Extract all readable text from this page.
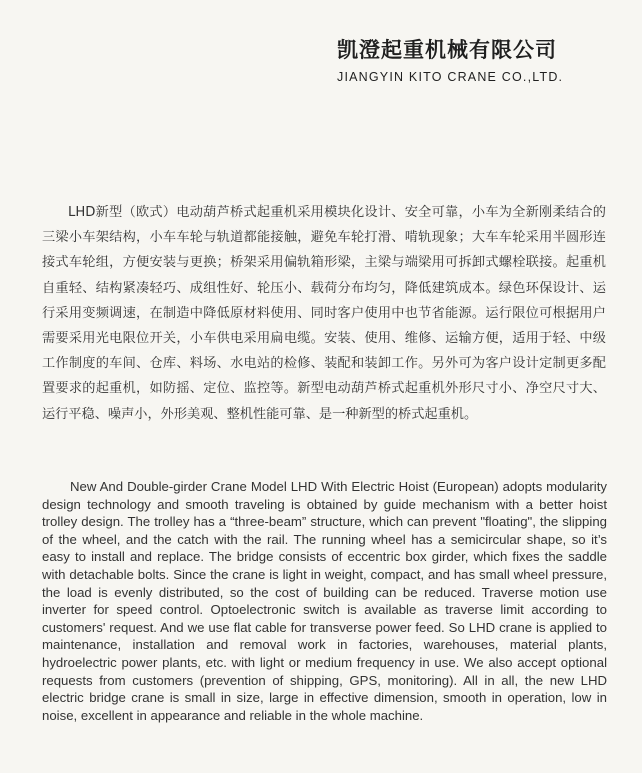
凯澄起重机械有限公司
JIANGYIN KITO CRANE CO.,LTD.

LHD新型（欧式）电动葫芦桥式起重机采用模块化设计、安全可靠，小车为全新刚柔结合的三梁小车架结构，小车车轮与轨道都能接触，避免车轮打滑、啃轨现象；大车车轮采用半圆形连接式车轮组，方便安装与更换；桥架采用偏轨箱形梁，主梁与端梁用可拆卸式螺栓联接。起重机自重轻、结构紧凑轻巧、成组性好、轮压小、载荷分布均匀，降低建筑成本。绿色环保设计、运行采用变频调速，在制造中降低原材料使用、同时客户使用中也节省能源。运行限位可根据用户需要采用光电限位开关，小车供电采用扁电缆。安装、使用、维修、运输方便，适用于轻、中级工作制度的车间、仓库、料场、水电站的检修、装配和装卸工作。另外可为客户设计定制更多配置要求的起重机，如防摇、定位、监控等。新型电动葫芦桥式起重机外形尺寸小、净空尺寸大、运行平稳、噪声小，外形美观、整机性能可靠、是一种新型的桥式起重机。

New And Double-girder Crane Model LHD With Electric Hoist (European) adopts modularity design technology and smooth traveling is obtained by guide mechanism with a better hoist trolley design. The trolley has a “three-beam” structure, which can prevent "floating", the slipping of the wheel, and the catch with the rail. The running wheel has a semicircular shape, so it’s easy to install and replace. The bridge consists of eccentric box girder, which fixes the saddle with detachable bolts. Since the crane is light in weight, compact, and has small wheel pressure, the load is evenly distributed, so the cost of building can be reduced. Traverse motion use inverter for speed control. Optoelectronic switch is available as traverse limit according to customers' request. And we use flat cable for transverse power feed. So LHD crane is applied to maintenance, installation and removal work in factories, warehouses, material plants, hydroelectric power plants, etc. with light or medium frequency in use. We also accept optional requests from customers (prevention of shipping, GPS, monitoring). All in all, the new LHD electric bridge crane is small in size, large in effective dimension, smooth in operation, low in noise, excellent in appearance and reliable in the whole machine.
